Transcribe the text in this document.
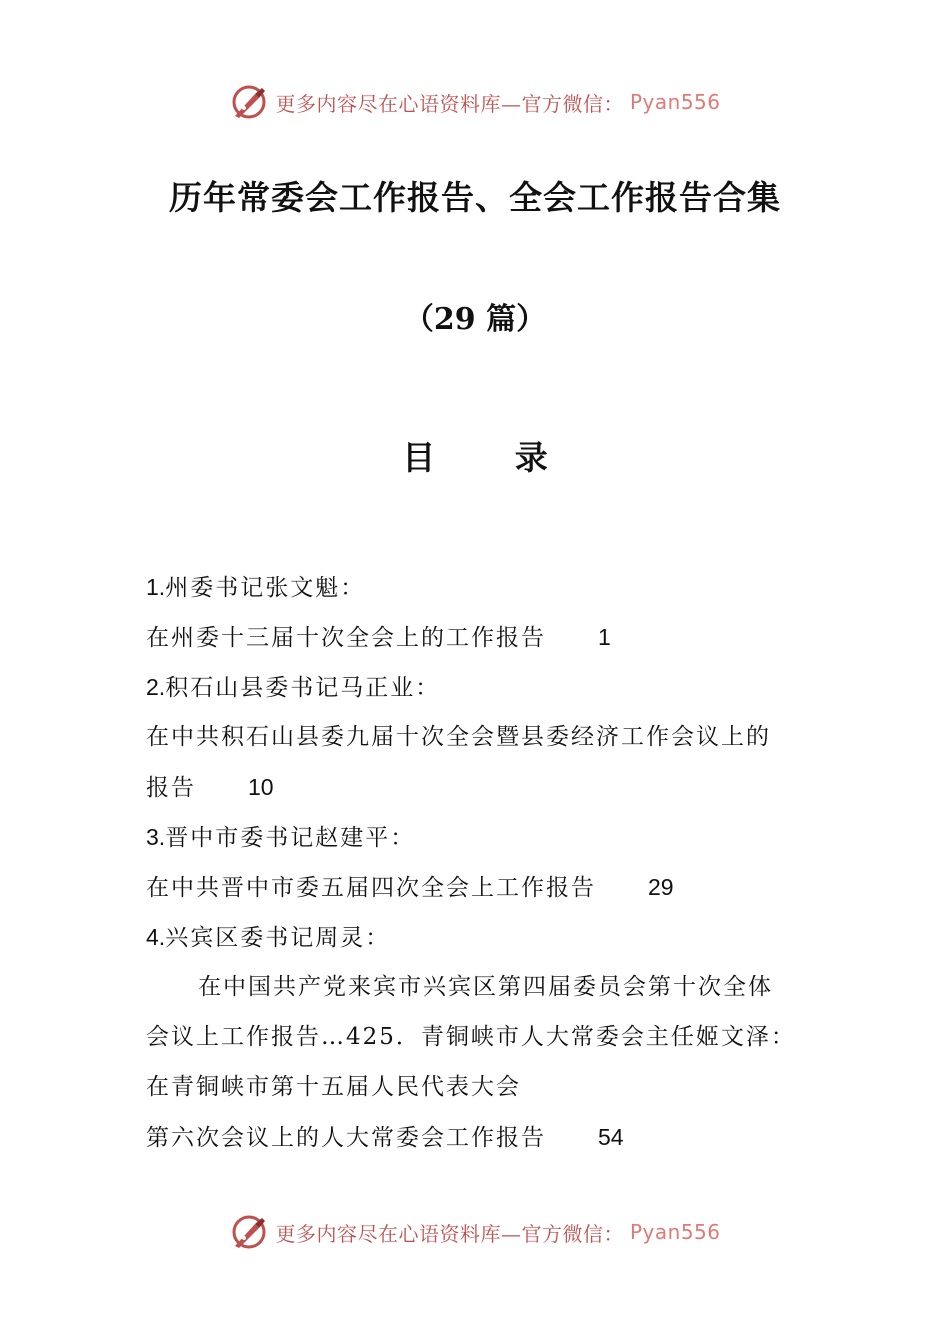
更多内容尽在心语资料库—官方微信： Pyan556
历年常委会工作报告、全会工作报告合集
（29 篇）
目 录
1.州委书记张文魁：
在州委十三届十次全会上的工作报告 1
2.积石山县委书记马正业：
在中共积石山县委九届十次全会暨县委经济工作会议上的
报告 10
3.晋中市委书记赵建平：
在中共晋中市委五届四次全会上工作报告 29
4.兴宾区委书记周灵：
在中国共产党来宾市兴宾区第四届委员会第十次全体
会议上工作报告…425．青铜峡市人大常委会主任姬文泽：
在青铜峡市第十五届人民代表大会
第六次会议上的人大常委会工作报告 54
更多内容尽在心语资料库—官方微信： Pyan556
